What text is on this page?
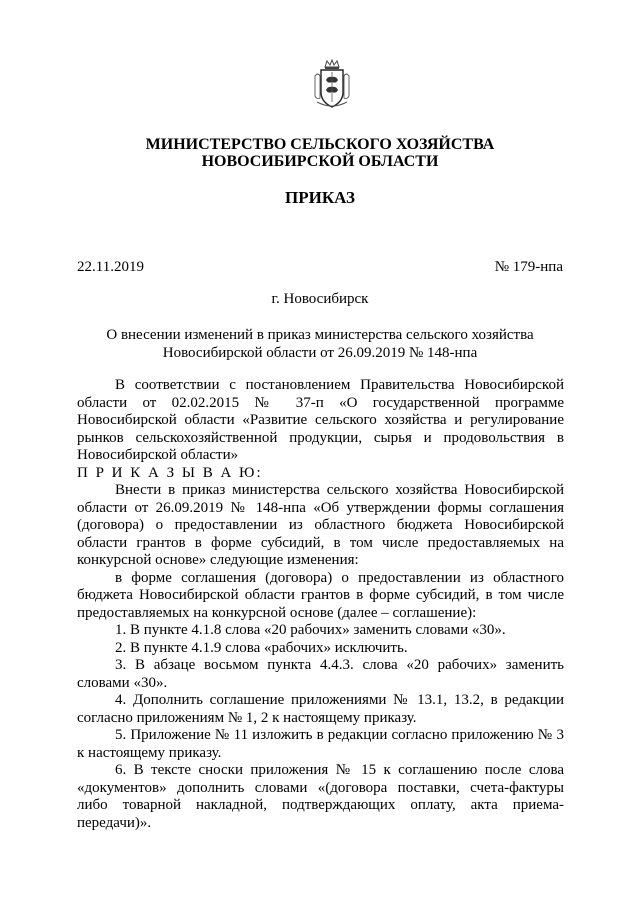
МИНИСТЕРСТВО СЕЛЬСКОГО ХОЗЯЙСТВА
НОВОСИБИРСКОЙ ОБЛАСТИ
ПРИКАЗ
22.11.2019	№ 179-нпа
г. Новосибирск
О внесении изменений в приказ министерства сельского хозяйства
Новосибирской области от 26.09.2019 № 148-нпа

В соответствии с постановлением Правительства Новосибирской области от 02.02.2015 № 37-п «О государственной программе Новосибирской области «Развитие сельского хозяйства и регулирование рынков сельскохозяйственной продукции, сырья и продовольствия в Новосибирской области»

П Р И К А З Ы В А Ю:

Внести в приказ министерства сельского хозяйства Новосибирской области от 26.09.2019 № 148-нпа «Об утверждении формы соглашения (договора) о предоставлении из областного бюджета Новосибирской области грантов в форме субсидий, в том числе предоставляемых на конкурсной основе» следующие изменения:

в форме соглашения (договора) о предоставлении из областного бюджета Новосибирской области грантов в форме субсидий, в том числе предоставляемых на конкурсной основе (далее – соглашение):

1. В пункте 4.1.8 слова «20 рабочих» заменить словами «30».

2. В пункте 4.1.9 слова «рабочих» исключить.

3. В абзаце восьмом пункта 4.4.3. слова «20 рабочих» заменить словами «30».

4. Дополнить соглашение приложениями № 13.1, 13.2, в редакции согласно приложениям № 1, 2 к настоящему приказу.

5. Приложение № 11 изложить в редакции согласно приложению № 3 к настоящему приказу.

6. В тексте сноски приложения № 15 к соглашению после слова «документов» дополнить словами «(договора поставки, счета-фактуры либо товарной накладной, подтверждающих оплату, акта приема-передачи)».
